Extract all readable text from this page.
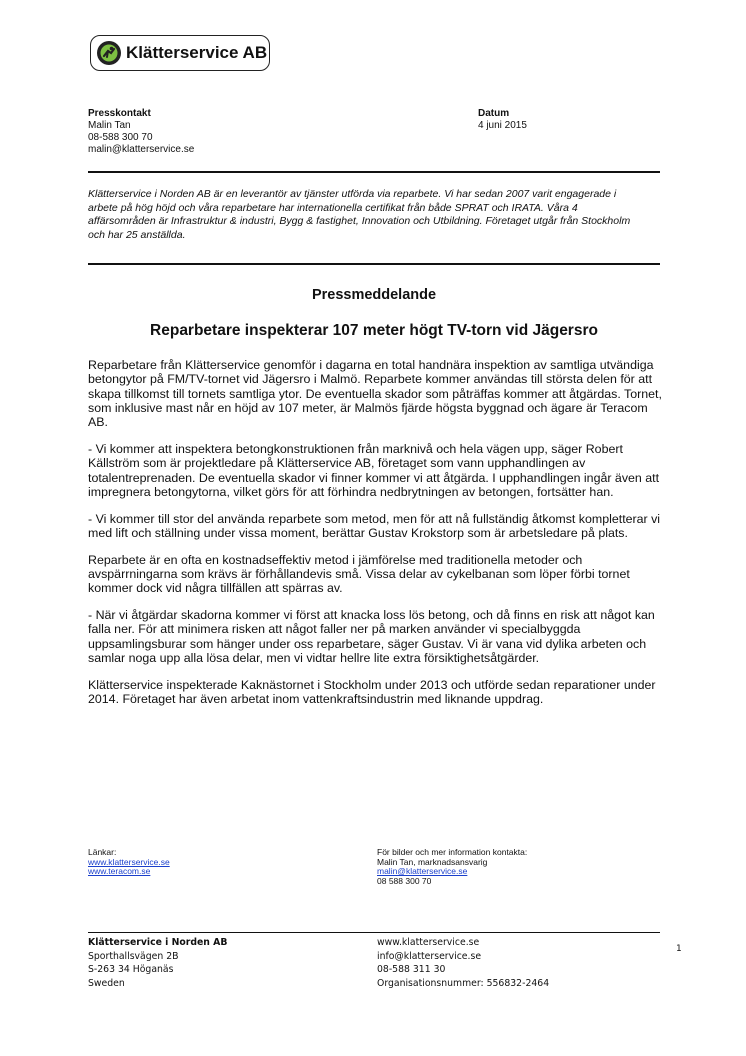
Klätterservice AB
Presskontakt
Malin Tan
08-588 300 70
malin@klatterservice.se
Datum
4 juni 2015
Klätterservice i Norden AB är en leverantör av tjänster utförda via reparbete. Vi har sedan 2007 varit engagerade i arbete på hög höjd och våra reparbetare har internationella certifikat från både SPRAT och IRATA. Våra 4 affärsområden är Infrastruktur & industri, Bygg & fastighet, Innovation och Utbildning. Företaget utgår från Stockholm och har 25 anställda.
Pressmeddelande
Reparbetare inspekterar 107 meter högt TV-torn vid Jägersro

Reparbetare från Klätterservice genomför i dagarna en total handnära inspektion av samtliga utvändiga betongytor på FM/TV-tornet vid Jägersro i Malmö. Reparbete kommer användas till största delen för att skapa tillkomst till tornets samtliga ytor. De eventuella skador som påträffas kommer att åtgärdas. Tornet, som inklusive mast når en höjd av 107 meter, är Malmös fjärde högsta byggnad och ägare är Teracom AB.

- Vi kommer att inspektera betongkonstruktionen från marknivå och hela vägen upp, säger Robert Källström som är projektledare på Klätterservice AB, företaget som vann upphandlingen av totalentreprenaden. De eventuella skador vi finner kommer vi att åtgärda. I upphandlingen ingår även att impregnera betongytorna, vilket görs för att förhindra nedbrytningen av betongen, fortsätter han.

- Vi kommer till stor del använda reparbete som metod, men för att nå fullständig åtkomst kompletterar vi med lift och ställning under vissa moment, berättar Gustav Krokstorp som är arbetsledare på plats.

Reparbete är en ofta en kostnadseffektiv metod i jämförelse med traditionella metoder och avspärrningarna som krävs är förhållandevis små. Vissa delar av cykelbanan som löper förbi tornet kommer dock vid några tillfällen att spärras av.

- När vi åtgärdar skadorna kommer vi först att knacka loss lös betong, och då finns en risk att något kan falla ner. För att minimera risken att något faller ner på marken använder vi specialbyggda uppsamlingsburar som hänger under oss reparbetare, säger Gustav. Vi är vana vid dylika arbeten och samlar noga upp alla lösa delar, men vi vidtar hellre lite extra försiktighetsåtgärder.

Klätterservice inspekterade Kaknästornet i Stockholm under 2013 och utförde sedan reparationer under 2014. Företaget har även arbetat inom vattenkraftsindustrin med liknande uppdrag.

Länkar:
www.klatterservice.se
www.teracom.se
För bilder och mer information kontakta:
Malin Tan, marknadsansvarig
malin@klatterservice.se
08 588 300 70
Klätterservice i Norden AB
Sporthallsvägen 2B
S-263 34 Höganäs
Sweden
www.klatterservice.se
info@klatterservice.se
08-588 311 30
Organisationsnummer: 556832-2464
1
